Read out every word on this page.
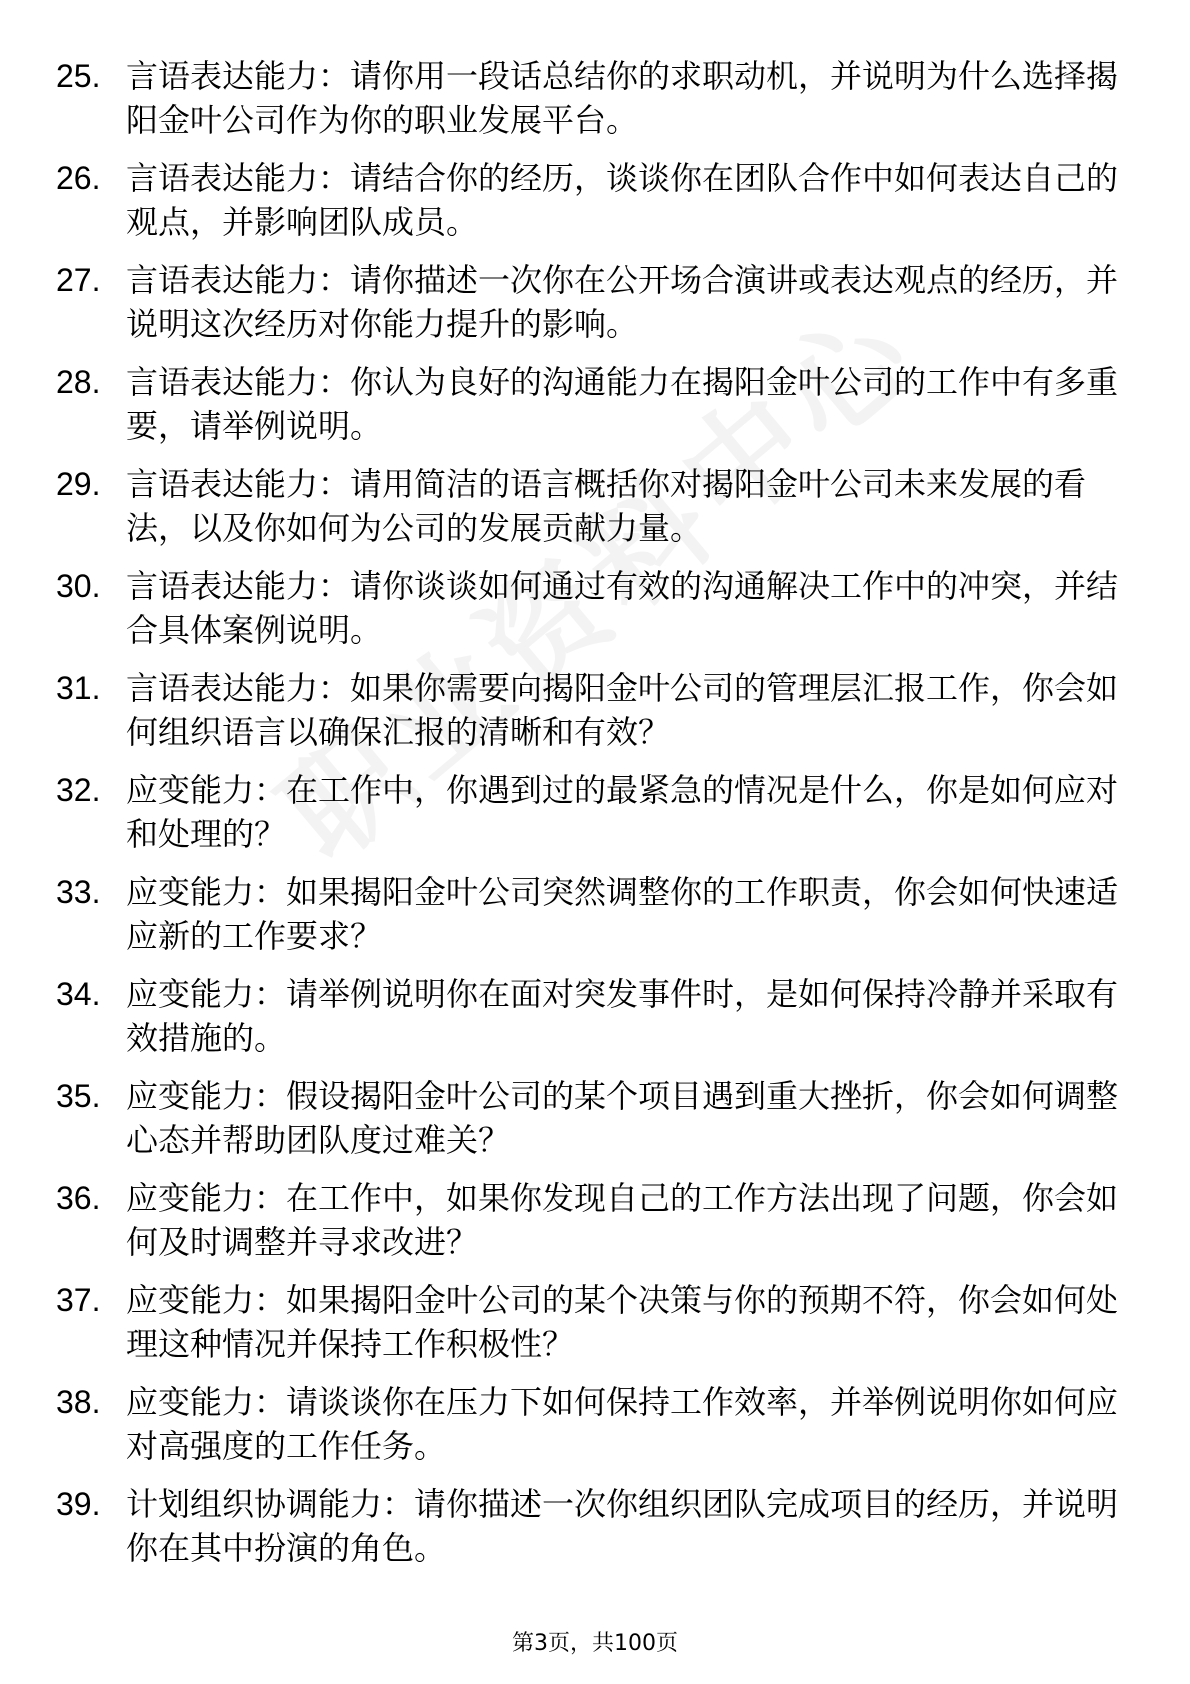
25. 言语表达能力：请你用一段话总结你的求职动机，并说明为什么选择揭阳金叶公司作为你的职业发展平台。
26. 言语表达能力：请结合你的经历，谈谈你在团队合作中如何表达自己的观点，并影响团队成员。
27. 言语表达能力：请你描述一次你在公开场合演讲或表达观点的经历，并说明这次经历对你能力提升的影响。
28. 言语表达能力：你认为良好的沟通能力在揭阳金叶公司的工作中有多重要，请举例说明。
29. 言语表达能力：请用简洁的语言概括你对揭阳金叶公司未来发展的看法，以及你如何为公司的发展贡献力量。
30. 言语表达能力：请你谈谈如何通过有效的沟通解决工作中的冲突，并结合具体案例说明。
31. 言语表达能力：如果你需要向揭阳金叶公司的管理层汇报工作，你会如何组织语言以确保汇报的清晰和有效？
32. 应变能力：在工作中，你遇到过的最紧急的情况是什么，你是如何应对和处理的？
33. 应变能力：如果揭阳金叶公司突然调整你的工作职责，你会如何快速适应新的工作要求？
34. 应变能力：请举例说明你在面对突发事件时，是如何保持冷静并采取有效措施的。
35. 应变能力：假设揭阳金叶公司的某个项目遇到重大挫折，你会如何调整心态并帮助团队度过难关？
36. 应变能力：在工作中，如果你发现自己的工作方法出现了问题，你会如何及时调整并寻求改进？
37. 应变能力：如果揭阳金叶公司的某个决策与你的预期不符，你会如何处理这种情况并保持工作积极性？
38. 应变能力：请谈谈你在压力下如何保持工作效率，并举例说明你如何应对高强度的工作任务。
39. 计划组织协调能力：请你描述一次你组织团队完成项目的经历，并说明你在其中扮演的角色。
第3页，共100页
